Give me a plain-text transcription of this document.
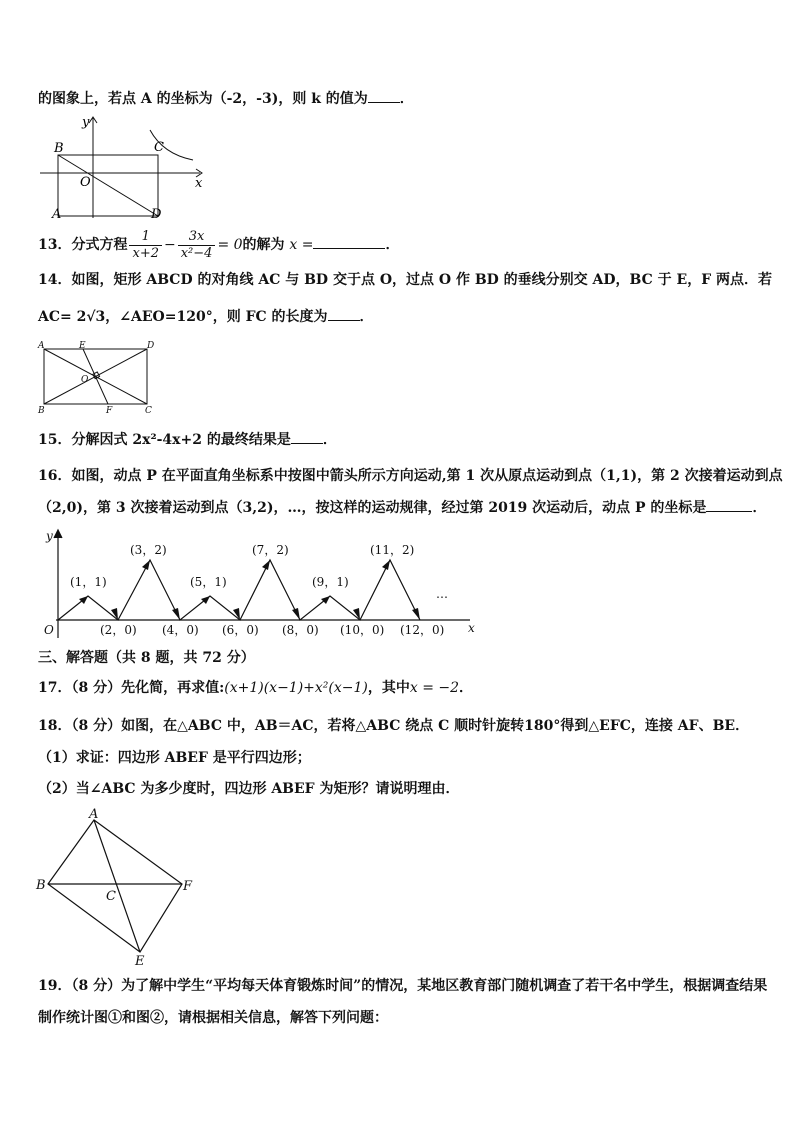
的图象上，若点 A 的坐标为（-2，-3)，则 k 的值为 ．
y
x
B	C
O
A	D
13．分式方程 $\frac{1}{x+2} - \frac{3x}{\text{x²−4}} = 0$的解为 x =	．
14．如图，矩形 ABCD 的对角线 AC 与 BD 交于点 O，过点 O 作 BD 的垂线分别交 AD，BC 于 E，F 两点．若
AC= 2√3，∠AEO=120°，则 FC 的长度为 ．
A	E	D
O
B	F	C
15．分解因式 2x²-4x+2 的最终结果是 ．
16．如图，动点 P 在平面直角坐标系中按图中箭头所示方向运动,第 1 次从原点运动到点（1,1)，第 2 次接着运动到点
（2,0)，第 3 次接着运动到点（3,2)，…，按这样的运动规律，经过第 2019 次运动后，动点 P 的坐标是	．
y
x
O
…
(1，1)
(3，2)
(5，1)
(7，2)
(9，1)
(11，2)
(2，0) (4，0) (6，0) (8，0) (10，0) (12，0)
三、解答题（共 8 题，共 72 分）
17．（8 分）先化简，再求值:(x+1)(x−1)+x²(x−1)，其中x = −2．
18．（8 分）如图，在△ABC 中，AB＝AC，若将△ABC 绕点 C 顺时针旋转180°得到△EFC，连接 AF、BE．
（1）求证：四边形 ABEF 是平行四边形；
（2）当∠ABC 为多少度时，四边形 ABEF 为矩形？请说明理由．
A
B
C
F
E
19．（8 分）为了解中学生“平均每天体育锻炼时间”的情况，某地区教育部门随机调查了若干名中学生，根据调查结果
制作统计图①和图②，请根据相关信息，解答下列问题：
